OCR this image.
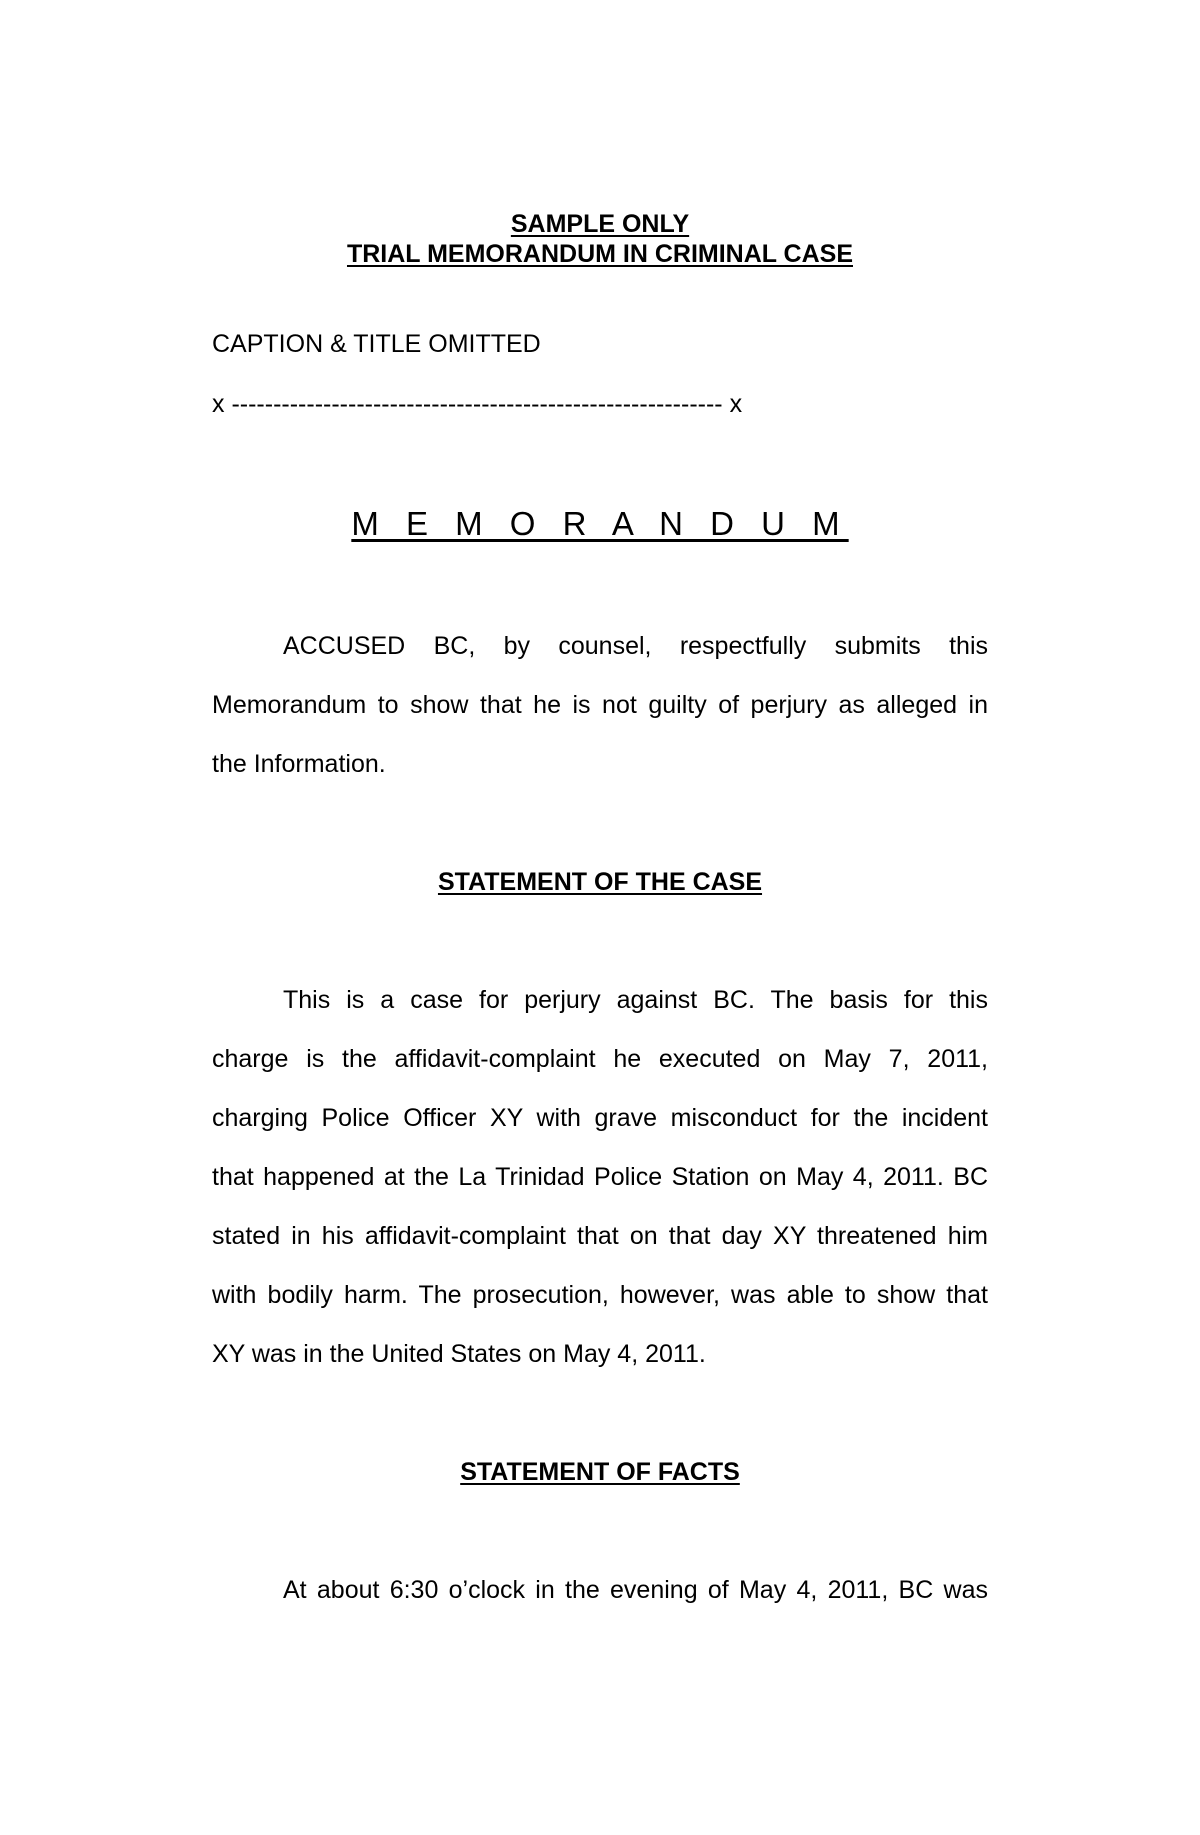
SAMPLE ONLY
TRIAL MEMORANDUM IN CRIMINAL CASE
CAPTION & TITLE OMITTED
x ----------------------------------------------------------- x
M E M O R A N D U M
ACCUSED BC, by counsel, respectfully submits this
Memorandum to show that he is not guilty of perjury as alleged in
the Information.
STATEMENT OF THE CASE
This is a case for perjury against BC. The basis for this
charge is the affidavit-complaint he executed on May 7, 2011,
charging Police Officer XY with grave misconduct for the incident
that happened at the La Trinidad Police Station on May 4, 2011. BC
stated in his affidavit-complaint that on that day XY threatened him
with bodily harm. The prosecution, however, was able to show that
XY was in the United States on May 4, 2011.
STATEMENT OF FACTS
At about 6:30 o’clock in the evening of May 4, 2011, BC was
